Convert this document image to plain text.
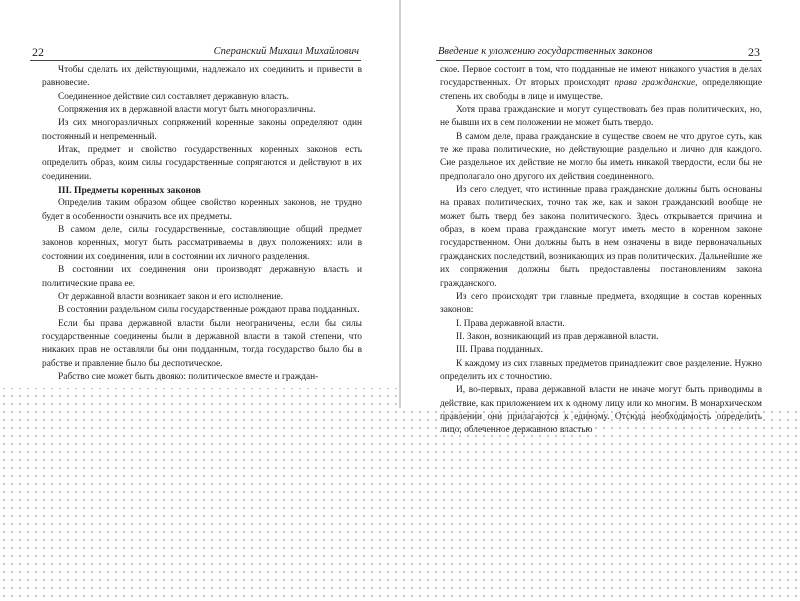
22	Сперанский Михаил Михайлович

Чтобы сделать их действующими, надлежало их соединить и привести в равновесие.

Соединенное действие сил составляет державную власть.

Сопряжения их в державной власти могут быть многоразличны.

Из сих многоразличных сопряжений коренные законы определяют один постоянный и непременный.

Итак, предмет и свойство государственных коренных законов есть определить образ, коим силы государственные сопрягаются и действуют в их соединении.

III. Предметы коренных законов

Определив таким образом общее свойство коренных законов, не трудно будет в особенности означить все их предметы.

В самом деле, силы государственные, составляющие общий предмет законов коренных, могут быть рассматриваемы в двух положениях: или в состоянии их соединения, или в состоянии их личного разделения.

В состоянии их соединения они производят державную власть и политические права ее.

От державной власти возникает закон и его исполнение.

В состоянии раздельном силы государственные рождают права подданных.

Если бы права державной власти были неограничены, если бы силы государственные соединены были в державной власти в такой степени, что никаких прав не оставляли бы они подданным, тогда государство было бы в рабстве и правление было бы деспотическое.

Рабство сие может быть двояко: политическое вместе и граждан-

Введение к уложению государственных законов	23

ское. Первое состоит в том, что подданные не имеют никакого участия в делах государственных. От вторых происходят права гражданские, определяющие степень их свободы в лице и имуществе.

Хотя права гражданские и могут существовать без прав политических, но, не бывши их в сем положении не может быть твердо.

В самом деле, права гражданские в существе своем не что другое суть, как те же права политические, но действующие раздельно и лично для каждого. Сие раздельное их действие не могло бы иметь никакой твердости, если бы не предполагало оно другого их действия соединенного.

Из сего следует, что истинные права гражданские должны быть основаны на правах политических, точно так же, как и закон гражданский вообще не может быть тверд без закона политического. Здесь открывается причина и образ, в коем права гражданские могут иметь место в коренном законе государственном. Они должны быть в нем означены в виде первоначальных гражданских последствий, возникающих из прав политических. Дальнейшие же их сопряжения должны быть предоставлены постановлениям закона гражданского.

Из сего происходят три главные предмета, входящие в состав коренных законов:

I. Права державной власти.

II. Закон, возникающий из прав державной власти.

III. Права подданных.

К каждому из сих главных предметов принадлежит свое разделение. Нужно определить их с точностию.

И, во-первых, права державной власти не иначе могут быть приводимы в действие, как приложением их к одному лицу или ко многим. В монархическом правлении они прилагаются к единому. Отсюда необходимость определить лицо, облеченное державною властью
